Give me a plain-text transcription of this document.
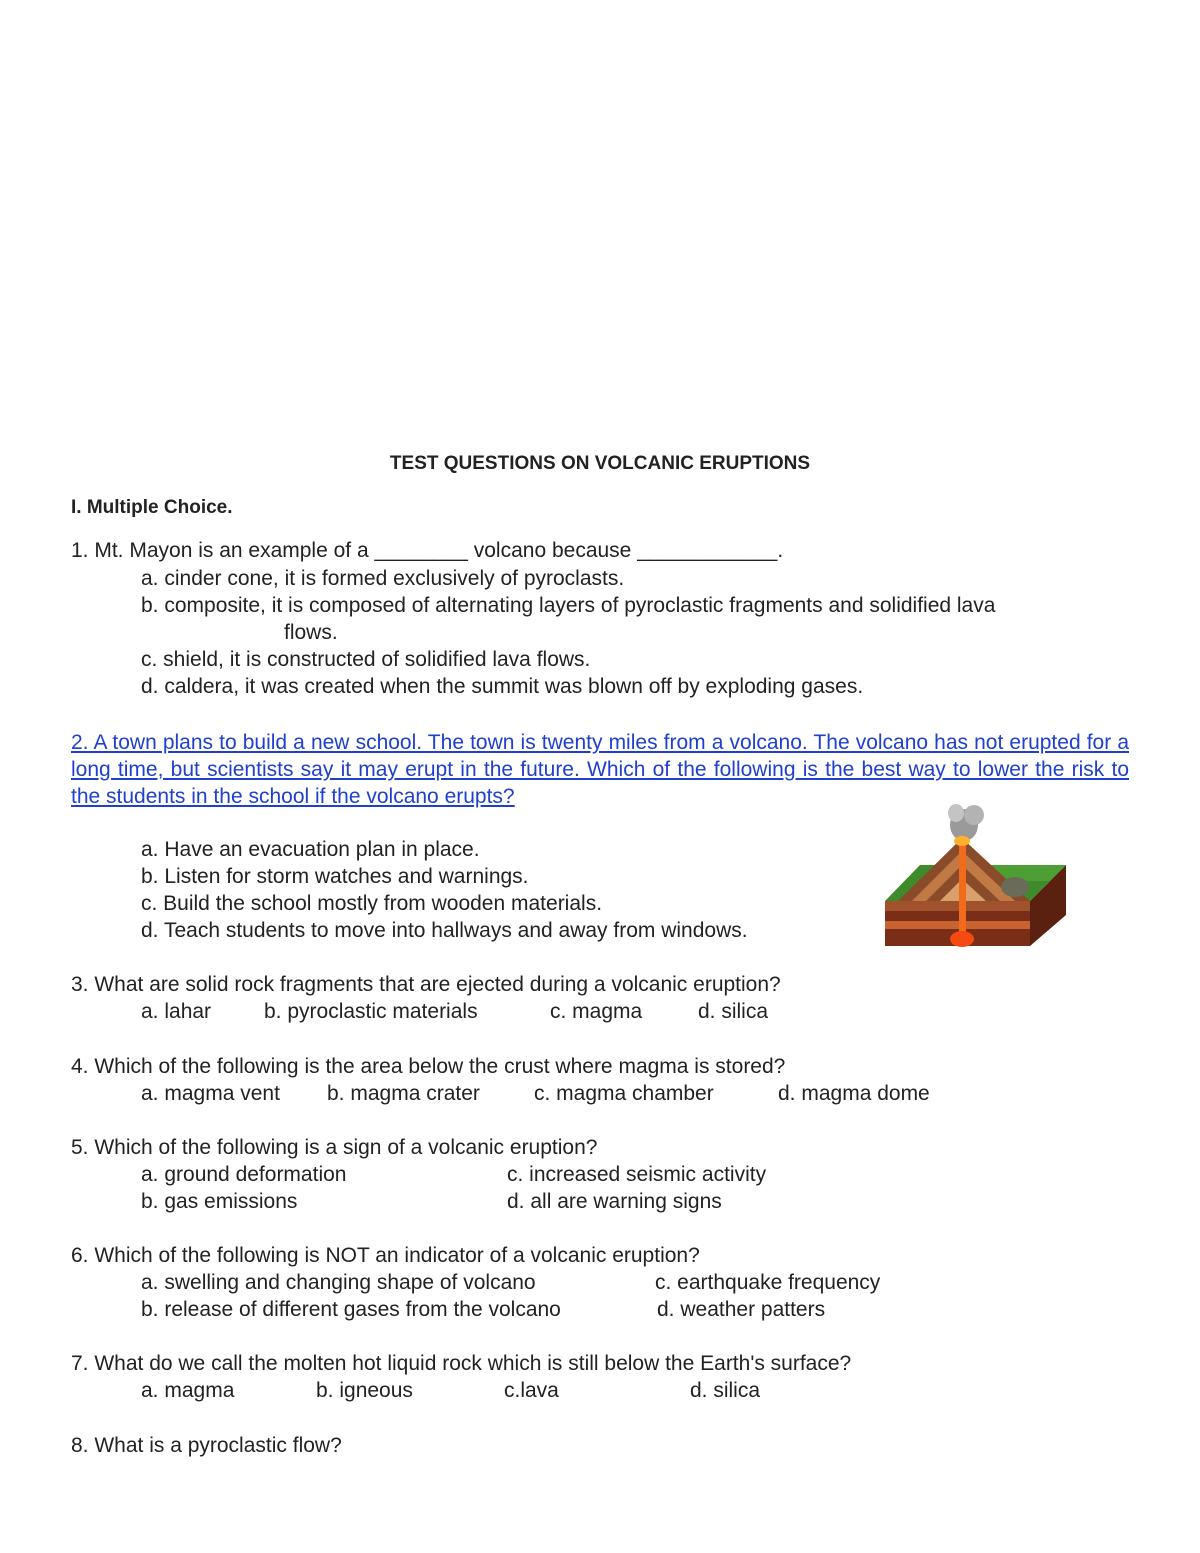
TEST QUESTIONS ON VOLCANIC ERUPTIONS
I. Multiple Choice.
1. Mt. Mayon is an example of a ________ volcano because ____________.
a. cinder cone, it is formed exclusively of pyroclasts.
b. composite, it is composed of alternating layers of pyroclastic fragments and solidified lava
flows.
c. shield, it is constructed of solidified lava flows.
d. caldera, it was created when the summit was blown off by exploding gases.
2. A town plans to build a new school. The town is twenty miles from a volcano. The volcano has not erupted for a long time, but scientists say it may erupt in the future. Which of the following is the best way to lower the risk to the students in the school if the volcano erupts?
a. Have an evacuation plan in place.
b. Listen for storm watches and warnings.
c. Build the school mostly from wooden materials.
d. Teach students to move into hallways and away from windows.
3. What are solid rock fragments that are ejected during a volcanic eruption?
a. lahar	b. pyroclastic materials	c. magma	d. silica
4. Which of the following is the area below the crust where magma is stored?
a. magma vent b. magma crater	c. magma chamber	d. magma dome
5. Which of the following is a sign of a volcanic eruption?
a. ground deformation	c. increased seismic activity
b. gas emissions	d. all are warning signs
6. Which of the following is NOT an indicator of a volcanic eruption?
a. swelling and changing shape of volcano	c. earthquake frequency
b. release of different gases from the volcano	d. weather patters
7. What do we call the molten hot liquid rock which is still below the Earth's surface?
a. magma	b. igneous	c.lava	d. silica
8. What is a pyroclastic flow?
